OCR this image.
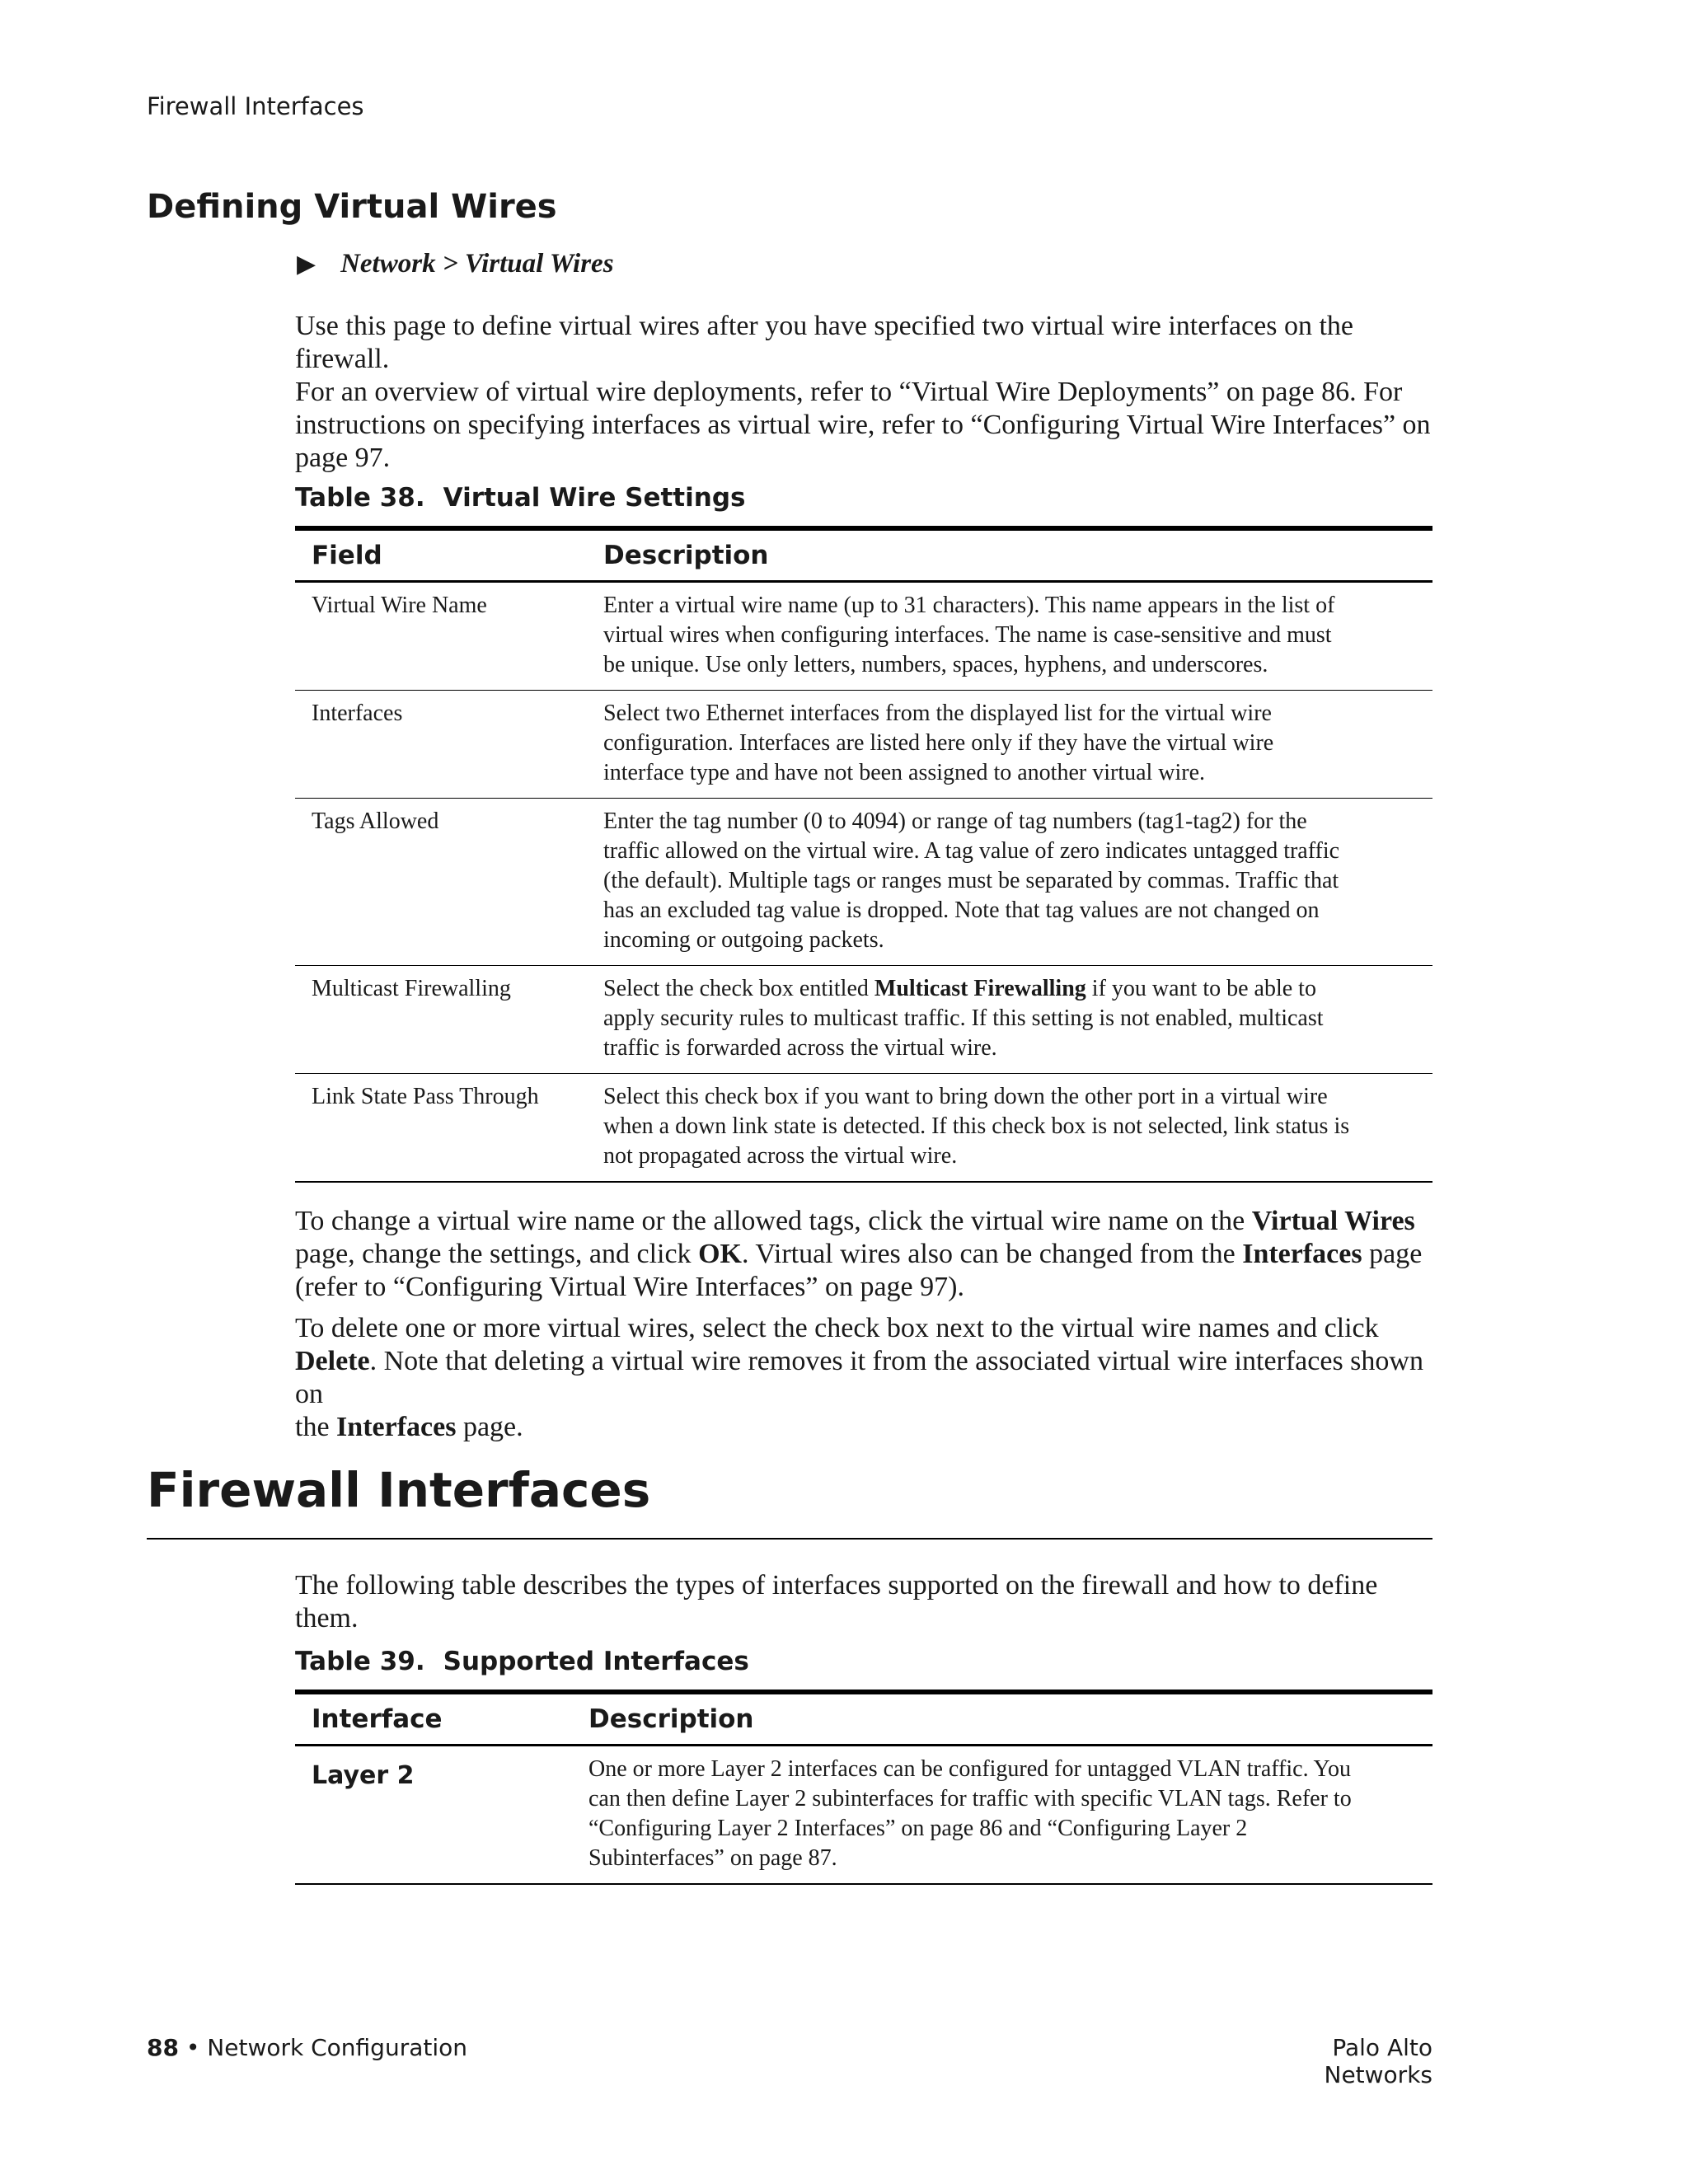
Firewall Interfaces
Defining Virtual Wires
▶ Network > Virtual Wires
Use this page to define virtual wires after you have specified two virtual wire interfaces on the firewall.
For an overview of virtual wire deployments, refer to “Virtual Wire Deployments” on page 86. For
instructions on specifying interfaces as virtual wire, refer to “Configuring Virtual Wire Interfaces” on
page 97.
Table 38. Virtual Wire Settings
Field	Description
Virtual Wire Name	Enter a virtual wire name (up to 31 characters). This name appears in the list of
virtual wires when configuring interfaces. The name is case-sensitive and must
be unique. Use only letters, numbers, spaces, hyphens, and underscores.
Interfaces	Select two Ethernet interfaces from the displayed list for the virtual wire
configuration. Interfaces are listed here only if they have the virtual wire
interface type and have not been assigned to another virtual wire.
Tags Allowed	Enter the tag number (0 to 4094) or range of tag numbers (tag1-tag2) for the
traffic allowed on the virtual wire. A tag value of zero indicates untagged traffic
(the default). Multiple tags or ranges must be separated by commas. Traffic that
has an excluded tag value is dropped. Note that tag values are not changed on
incoming or outgoing packets.
Multicast Firewalling	Select the check box entitled Multicast Firewalling if you want to be able to
apply security rules to multicast traffic. If this setting is not enabled, multicast
traffic is forwarded across the virtual wire.
Link State Pass Through	Select this check box if you want to bring down the other port in a virtual wire
when a down link state is detected. If this check box is not selected, link status is
not propagated across the virtual wire.
To change a virtual wire name or the allowed tags, click the virtual wire name on the Virtual Wires
page, change the settings, and click OK. Virtual wires also can be changed from the Interfaces page
(refer to “Configuring Virtual Wire Interfaces” on page 97).
To delete one or more virtual wires, select the check box next to the virtual wire names and click
Delete. Note that deleting a virtual wire removes it from the associated virtual wire interfaces shown on
the Interfaces page.
Firewall Interfaces
The following table describes the types of interfaces supported on the firewall and how to define them.
Table 39. Supported Interfaces
Interface	Description
Layer 2	One or more Layer 2 interfaces can be configured for untagged VLAN traffic. You
can then define Layer 2 subinterfaces for traffic with specific VLAN tags. Refer to
“Configuring Layer 2 Interfaces” on page 86 and “Configuring Layer 2
Subinterfaces” on page 87.
88 • Network Configuration	Palo Alto Networks
